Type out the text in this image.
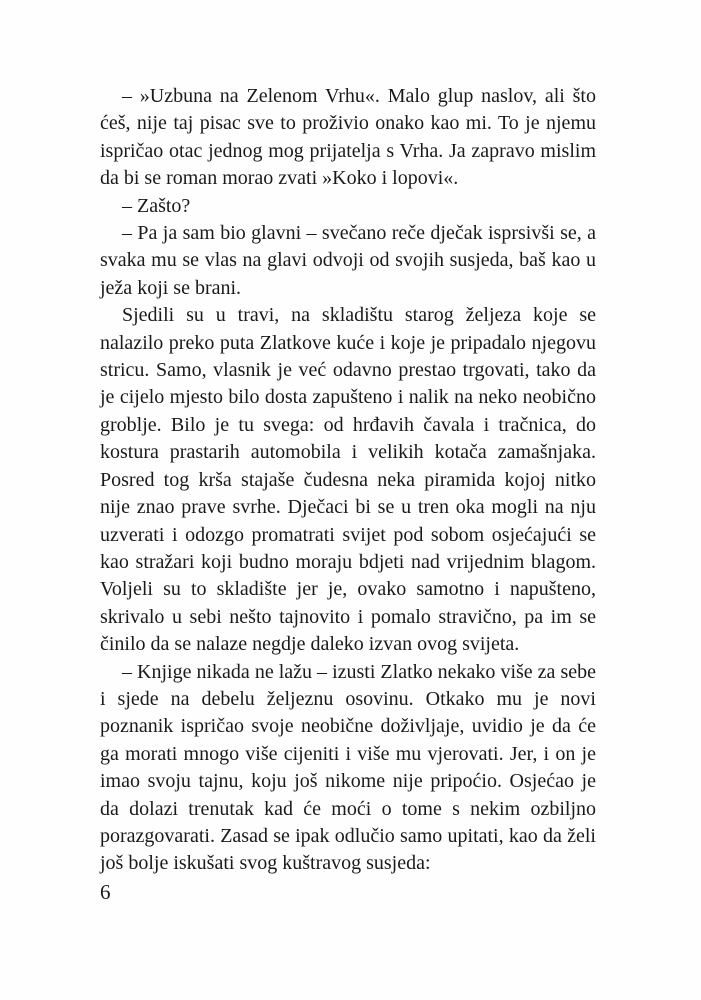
– »Uzbuna na Zelenom Vrhu«. Malo glup naslov, ali što ćeš, nije taj pisac sve to proživio onako kao mi. To je njemu ispričao otac jednog mog prijatelja s Vrha. Ja zapravo mislim da bi se roman morao zvati »Koko i lopovi«.

– Zašto?

– Pa ja sam bio glavni – svečano reče dječak isprsivši se, a svaka mu se vlas na glavi odvoji od svojih susjeda, baš kao u ježa koji se brani.

Sjedili su u travi, na skladištu starog željeza koje se nalazilo preko puta Zlatkove kuće i koje je pripadalo njegovu stricu. Samo, vlasnik je već odavno prestao trgovati, tako da je cijelo mjesto bilo dosta zapušteno i nalik na neko neobično groblje. Bilo je tu svega: od hrđavih čavala i tračnica, do kostura prastarih automobila i velikih kotača zamašnjaka. Posred tog krša stajaše čudesna neka piramida kojoj nitko nije znao prave svrhe. Dječaci bi se u tren oka mogli na nju uzverati i odozgo promatrati svijet pod sobom osjećajući se kao stražari koji budno moraju bdjeti nad vrijednim blagom. Voljeli su to skladište jer je, ovako samotno i napušteno, skrivalo u sebi nešto tajnovito i pomalo stravično, pa im se činilo da se nalaze negdje daleko izvan ovog svijeta.

– Knjige nikada ne lažu – izusti Zlatko nekako više za sebe i sjede na debelu željeznu osovinu. Otkako mu je novi poznanik ispričao svoje neobične doživljaje, uvidio je da će ga morati mnogo više cijeniti i više mu vjerovati. Jer, i on je imao svoju tajnu, koju još nikome nije pripoćio. Osjećao je da dolazi trenutak kad će moći o tome s nekim ozbiljno porazgovarati. Zasad se ipak odlučio samo upitati, kao da želi još bolje iskušati svog kuštravog susjeda:

6
